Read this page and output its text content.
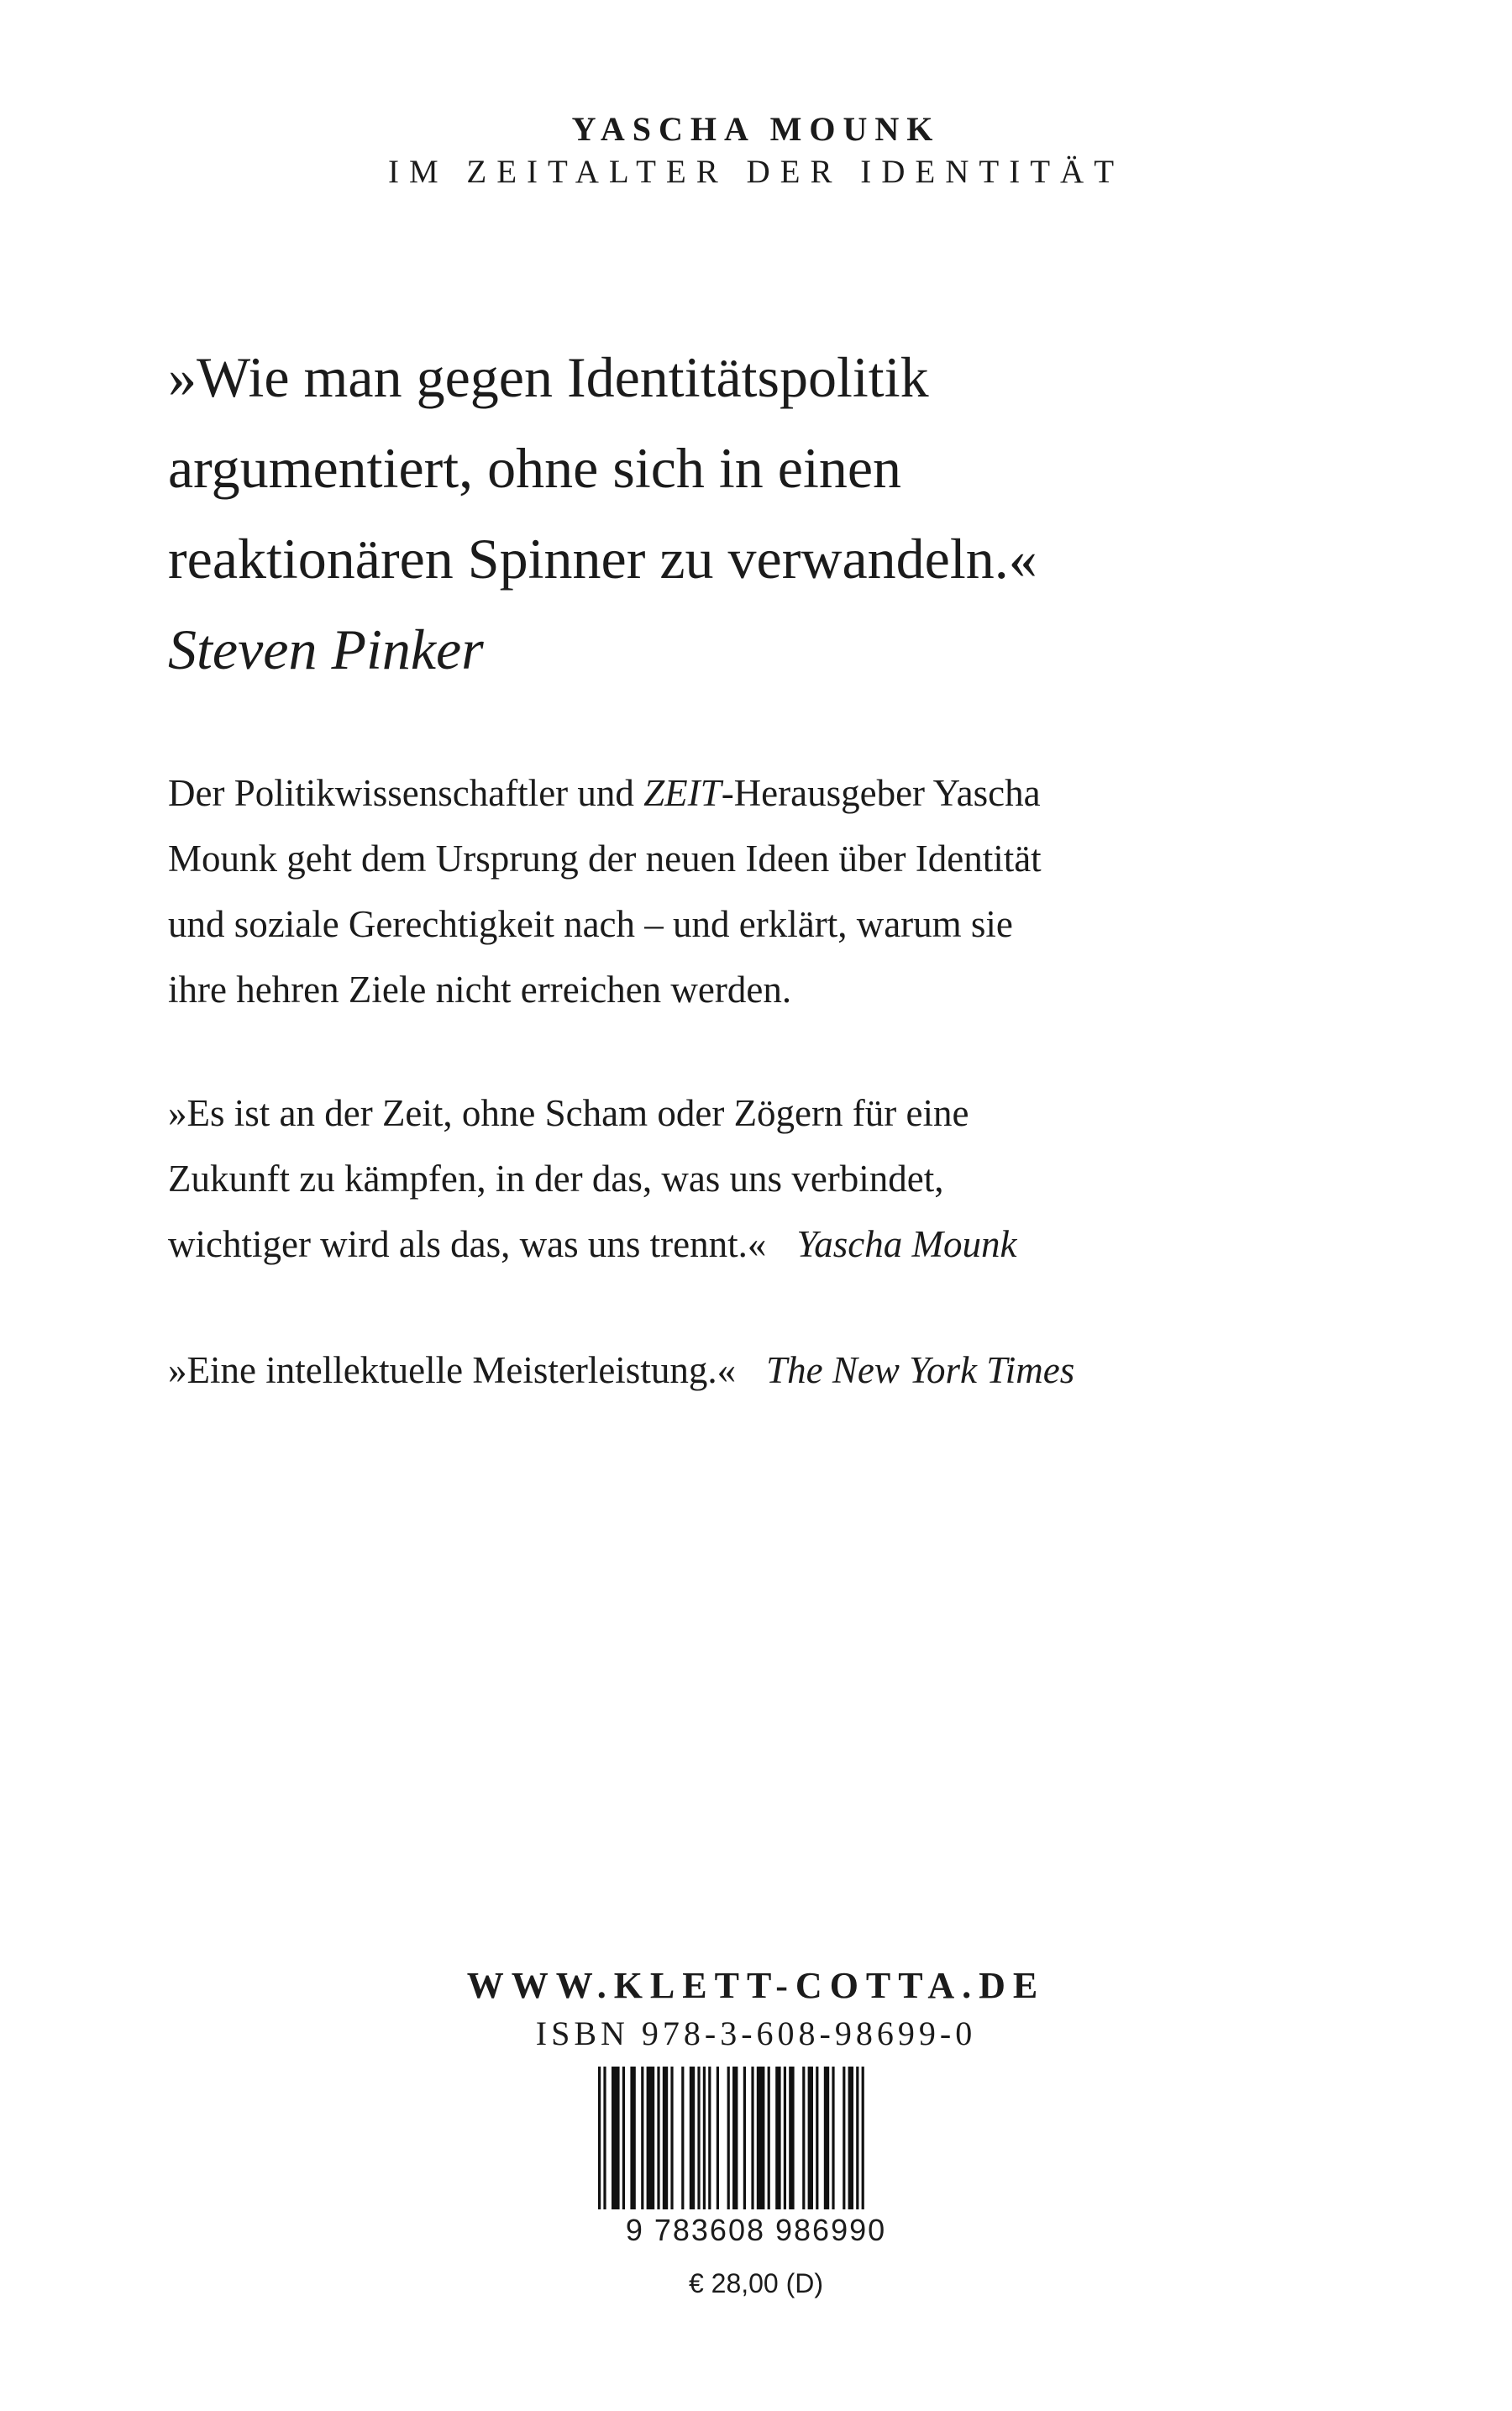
YASCHA MOUNK
IM ZEITALTER DER IDENTITÄT
»Wie man gegen Identitätspolitik
argumentiert, ohne sich in einen
reaktionären Spinner zu verwandeln.«
Steven Pinker
Der Politikwissenschaftler und ZEIT-Herausgeber Yascha
Mounk geht dem Ursprung der neuen Ideen über Identität
und soziale Gerechtigkeit nach – und erklärt, warum sie
ihre hehren Ziele nicht erreichen werden.
»Es ist an der Zeit, ohne Scham oder Zögern für eine
Zukunft zu kämpfen, in der das, was uns verbindet,
wichtiger wird als das, was uns trennt.« Yascha Mounk
»Eine intellektuelle Meisterleistung.« The New York Times
WWW.KLETT-COTTA.DE
ISBN 978-3-608-98699-0
9 783608 986990
€ 28,00 (D)
